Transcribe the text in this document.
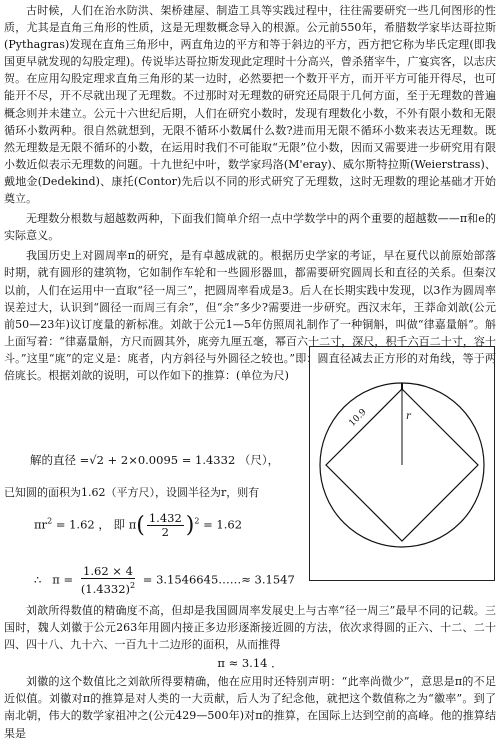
古时候，人们在治水防洪、架桥建屋、制造工具等实践过程中，往往需要研究一些几何图形的性质，尤其是直角三角形的性质，这是无理数概念导入的根源。公元前550年，希腊数学家毕达哥拉斯(Pythagras)发现在直角三角形中，两直角边的平方和等于斜边的平方，西方把它称为毕氏定理(即我国更早就发现的勾股定理)。传说毕达哥拉斯发现此定理时十分高兴，曾杀猪宰牛，广宴宾客，以志庆贺。在应用勾股定理求直角三角形的某一边时，必然要把一个数开平方，而开平方可能开得尽，也可能开不尽，开不尽就出现了无理数。不过那时对无理数的研究还局限于几何方面，至于无理数的普遍概念则并未建立。公元十六世纪后期，人们在研究小数时，发现有理数化小数，不外有限小数和无限循环小数两种。很自然就想到，无限不循环小数属什么数?进而用无限不循环小数来表达无理数。既然无理数是无限不循环的小数，在运用时我们不可能取“无限”位小数，因而又需要进一步研究用有限小数近似表示无理数的问题。十九世纪中叶，数学家玛洛(M'eray)、威尔斯特拉斯(Weierstrass)、戴地金(Dedekind)、康托(Contor)先后以不同的形式研究了无理数，这时无理数的理论基础才开始奠立。

无理数分根数与超越数两种，下面我们简单介绍一点中学数学中的两个重要的超越数——π和e的实际意义。

我国历史上对圆周率π的研究，是有卓越成就的。根据历史学家的考证，早在夏代以前原始部落时期，就有圆形的建筑物，它如制作车轮和一些圆形器皿，都需要研究圆周长和直径的关系。但秦汉以前，人们在运用中一直取“径一周三”，把圆周率看成是3。后人在长期实践中发现，以3作为圆周率误差过大，认识到“圆径一而周三有余”，但“余”多少?需要进一步研究。西汉末年，王莽命刘歆(公元前50—23年)议订度量的新标准。刘歆于公元1—5年仿照周礼制作了一种铜斛，叫做“律嘉量斛”。斛上面写着：“律嘉量斛，方尺而圆其外，庣旁九厘五毫，幂百六十二寸，深尺，积千六百二十寸，容十斗。”这里“庣”的定义是：庣者，内方斜径与外圆径之较也。”即：圆直径减去正方形的对角线，等于两倍庣长。根据刘歆的说明，可以作如下的推算：(单位为尺)

解的直径 =√2 + 2×0.0095 = 1.4332 （尺），
已知圆的面积为1.62（平方尺），设圆半径为r，则有
$\pi r^2 = 1.62$ ， 即 $\pi( \frac{1.432}{2} )^2 = 1.62$
∴ $\pi = \frac{1.62 \times 4}{(1.4332)^2}$ = 3.1546645……≈ 3.1547
10.9	r

刘歆所得数值的精确度不高，但却是我国圆周率发展史上与古率“径一周三”最早不同的记载。三国时，魏人刘徽于公元263年用圆内接正多边形逐渐接近圆的方法，依次求得圆的正六、十二、二十四、四十八、九十六、一百九十二边形的面积，从而推得

π ≈ 3.14 ．

刘徽的这个数值比之刘歆所得要精确，他在应用时还特别声明：“此率尚微少”，意思是π的不足近似值。刘徽对π的推算是对人类的一大贡献，后人为了纪念他，就把这个数值称之为“徽率”。到了南北朝，伟大的数学家祖冲之(公元429—500年)对π的推算，在国际上达到空前的高峰。他的推算结果是
